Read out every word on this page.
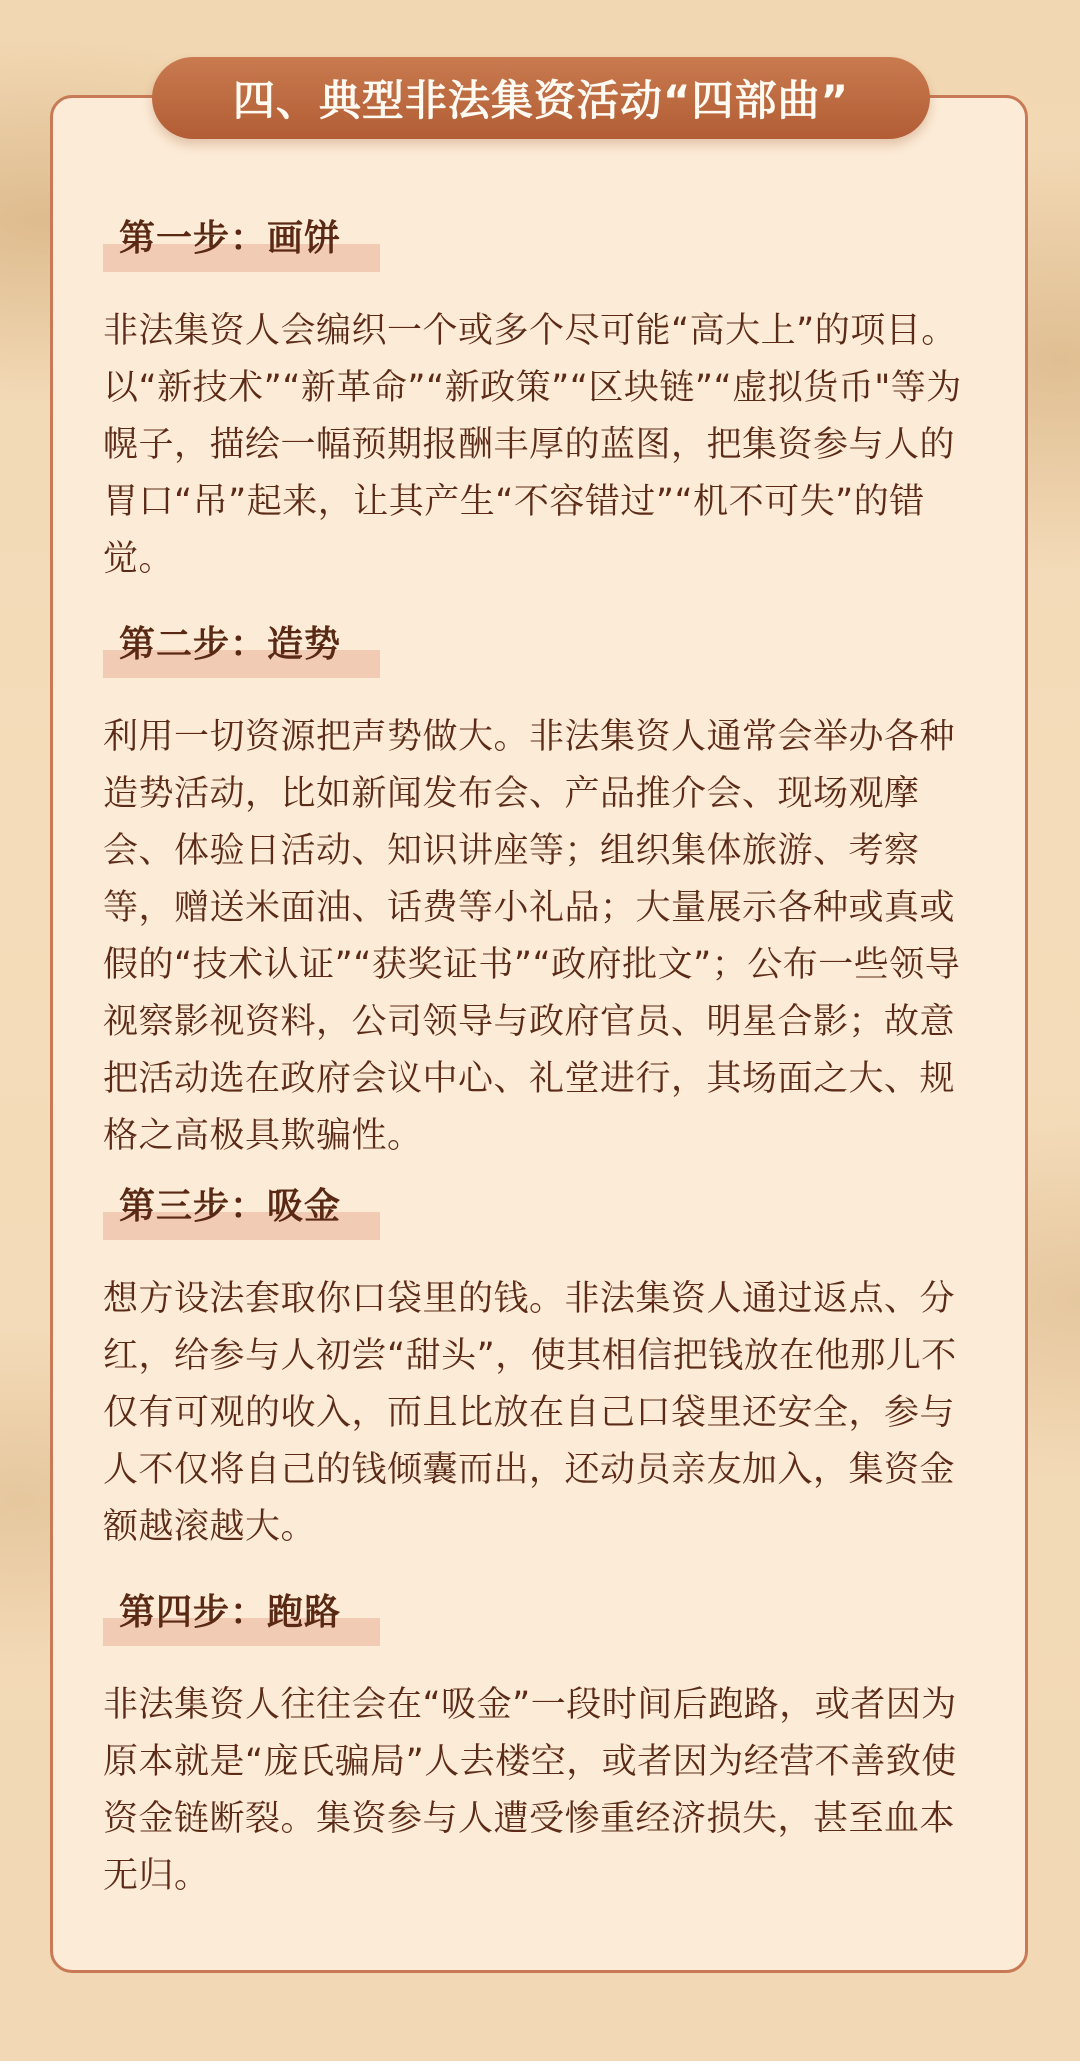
四、典型非法集资活动“四部曲”
第一步：画饼

非法集资人会编织一个或多个尽可能“高大上”的项目。以“新技术”“新革命”“新政策”“区块链”“虚拟货币"等为幌子，描绘一幅预期报酬丰厚的蓝图，把集资参与人的胃口“吊”起来，让其产生“不容错过”“机不可失”的错觉。

第二步：造势

利用一切资源把声势做大。非法集资人通常会举办各种造势活动，比如新闻发布会、产品推介会、现场观摩会、体验日活动、知识讲座等；组织集体旅游、考察等，赠送米面油、话费等小礼品；大量展示各种或真或假的“技术认证”“获奖证书”“政府批文”；公布一些领导视察影视资料，公司领导与政府官员、明星合影；故意把活动选在政府会议中心、礼堂进行，其场面之大、规格之高极具欺骗性。

第三步：吸金

想方设法套取你口袋里的钱。非法集资人通过返点、分红，给参与人初尝“甜头”，使其相信把钱放在他那儿不仅有可观的收入，而且比放在自己口袋里还安全，参与人不仅将自己的钱倾囊而出，还动员亲友加入，集资金额越滚越大。

第四步：跑路

非法集资人往往会在“吸金”一段时间后跑路，或者因为原本就是“庞氏骗局”人去楼空，或者因为经营不善致使资金链断裂。集资参与人遭受惨重经济损失，甚至血本无归。
